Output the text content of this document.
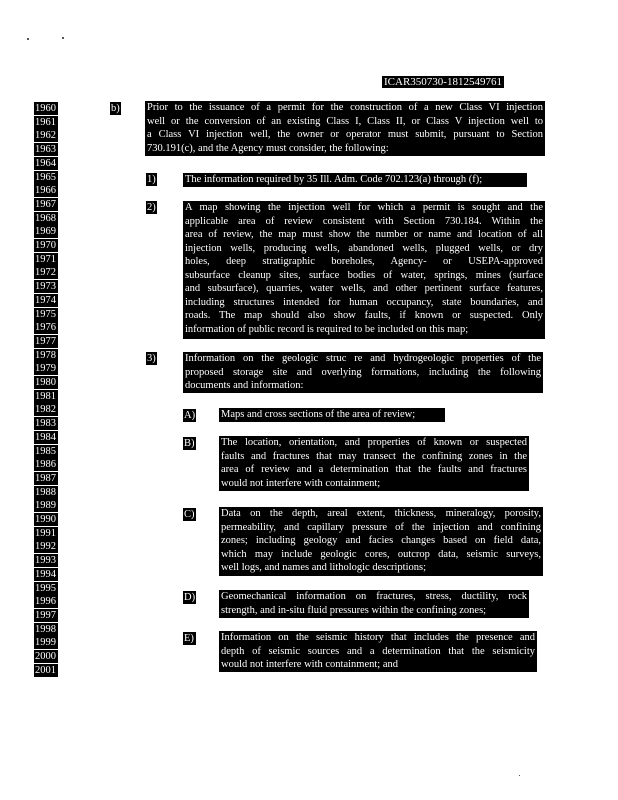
ICAR350730-1812549761
1960
1961
1962
1963
1964
1965
1966
1967
1968
1969
1970
1971
1972
1973
1974
1975
1976
1977
1978
1979
1980
1981
1982
1983
1984
1985
1986
1987
1988
1989
1990
1991
1992
1993
1994
1995
1996
1997
1998
1999
2000
2001
b)	Prior to the issuance of a permit for the construction of a new Class VI injection
well or the conversion of an existing Class I, Class II, or Class V injection well to
a Class VI injection well, the owner or operator must submit, pursuant to Section
730.191(c), and the Agency must consider, the following:
1)	The information required by 35 Ill. Adm. Code 702.123(a) through (f);
2)	A map showing the injection well for which a permit is sought and the
applicable area of review consistent with Section 730.184. Within the
area of review, the map must show the number or name and location of all
injection wells, producing wells, abandoned wells, plugged wells, or dry
holes, deep stratigraphic boreholes, Agency- or USEPA-approved
subsurface cleanup sites, surface bodies of water, springs, mines (surface
and subsurface), quarries, water wells, and other pertinent surface features,
including structures intended for human occupancy, state boundaries, and
roads. The map should also show faults, if known or suspected. Only
information of public record is required to be included on this map;
3)	Information on the geologic struc re and hydrogeologic properties of the
proposed storage site and overlying formations, including the following
documents and information:
A) Maps and cross sections of the area of review;
B)	The location, orientation, and properties of known or suspected
faults and fractures that may transect the confining zones in the
area of review and a determination that the faults and fractures
would not interfere with containment;
C)	Data on the depth, areal extent, thickness, mineralogy, porosity,
permeability, and capillary pressure of the injection and confining
zones; including geology and facies changes based on field data,
which may include geologic cores, outcrop data, seismic surveys,
well logs, and names and lithologic descriptions;
D) Geomechanical information on fractures, stress, ductility, rock
strength, and in-situ fluid pressures within the confining zones;
E)	Information on the seismic history that includes the presence and
depth of seismic sources and a determination that the seismicity
would not interfere with containment; and
